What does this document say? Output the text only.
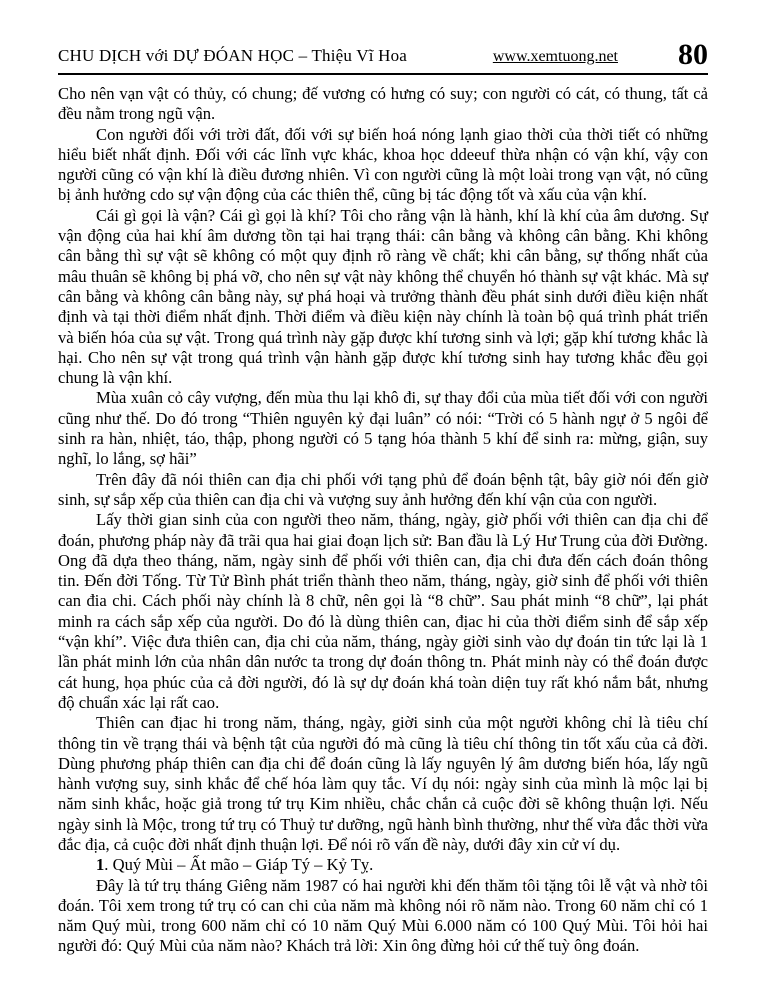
CHU DỊCH với DỰ ĐÓAN HỌC – Thiệu Vĩ Hoa	www.xemtuong.net 80

Cho nên vạn vật có thủy, có chung; đế vương có hưng có suy; con người có cát, có thung, tất cả đều nằm trong ngũ vận.

Con người đối với trời đất, đối với sự biến hoá nóng lạnh giao thời của thời tiết có những hiểu biết nhất định. Đối với các lĩnh vực khác, khoa học ddeeuf thừa nhận có vận khí, vậy con người cũng có vận khí là điều đương nhiên. Vì con người cũng là một loài trong vạn vật, nó cũng bị ảnh hưởng cdo sự vận động của các thiên thể, cũng bị tác động tốt và xấu của vận khí.

Cái gì gọi là vận? Cái gì gọi là khí? Tôi cho rằng vận là hành, khí là khí của âm dương. Sự vận động của hai khí âm dương tồn tại hai trạng thái: cân bằng và không cân bằng. Khi không cân bằng thì sự vật sẽ không có một quy định rõ ràng về chất; khi cân bằng, sự thống nhất của mâu thuân sẽ không bị phá vỡ, cho nên sự vật này không thể chuyển hó thành sự vật khác. Mà sự cân bằng và không cân bằng này, sự phá hoại và trưởng thành đều phát sinh dưới điều kiện nhất định và tại thời điểm nhất định. Thời điểm và điều kiện này chính là toàn bộ quá trình phát triển và biến hóa của sự vật. Trong quá trình này gặp được khí tương sinh và lợi; gặp khí tương khắc là hại. Cho nên sự vật trong quá trình vận hành gặp được khí tương sinh hay tương khắc đều gọi chung là vận khí.

Mùa xuân cỏ cây vượng, đến mùa thu lại khô đi, sự thay đổi của mùa tiết đối với con người cũng như thế. Do đó trong “Thiên nguyên kỷ đại luân” có nói: “Trời có 5 hành ngự ở 5 ngôi để sinh ra hàn, nhiệt, táo, thập, phong người có 5 tạng hóa thành 5 khí để sinh ra: mừng, giận, suy nghĩ, lo lắng, sợ hãi”

Trên đây đã nói thiên can địa chi phối với tạng phủ để đoán bệnh tật, bây giờ nói đến giờ sinh, sự sắp xếp của thiên can địa chi và vượng suy ảnh hưởng đến khí vận của con người.

Lấy thời gian sinh của con người theo năm, tháng, ngày, giờ phối với thiên can địa chi để đoán, phương pháp này đã trãi qua hai giai đoạn lịch sử: Ban đầu là Lý Hư Trung của đời Đường. Ong đã dựa theo tháng, năm, ngày sinh để phối với thiên can, địa chi đưa đến cách đoán thông tin. Đến đời Tống. Từ Tử Bình phát triển thành theo năm, tháng, ngày, giờ sinh để phối với thiên can đia chi. Cách phối này chính là 8 chữ, nên gọi là “8 chữ”. Sau phát minh “8 chữ”, lại phát minh ra cách sắp xếp của người. Do đó là dùng thiên can, địac hi của thời điểm sinh để sắp xếp “vận khí”. Việc đưa thiên can, địa chi của năm, tháng, ngày giời sinh vào dự đoán tin tức lại là 1 lần phát minh lớn của nhân dân nước ta trong dự đoán thông tn. Phát minh này có thể đoán được cát hung, họa phúc của cả đời người, đó là sự dự đoán khá toàn diện tuy rất khó nắm bắt, nhưng độ chuẩn xác lại rất cao.

Thiên can địac hi trong năm, tháng, ngày, giời sinh của một người không chỉ là tiêu chí thông tin về trạng thái và bệnh tật của người đó mà cũng là tiêu chí thông tin tốt xấu của cả đời. Dùng phương pháp thiên can địa chi để đoán cũng là lấy nguyên lý âm dương biến hóa, lấy ngũ hành vượng suy, sinh khắc để chế hóa làm quy tắc. Ví dụ nói: ngày sinh của mình là mộc lại bị năm sinh khắc, hoặc giả trong tứ trụ Kim nhiều, chắc chắn cả cuộc đời sẽ không thuận lợi. Nếu ngày sinh là Mộc, trong tứ trụ có Thuỷ tư dưỡng, ngũ hành bình thường, như thế vừa đắc thời vừa đắc địa, cả cuộc đời nhất định thuận lợi. Để nói rõ vấn đề này, dưới đây xin cử ví dụ.

1. Quý Mùi – Ất mão – Giáp Tý – Kỷ Tỵ.

Đây là tứ trụ tháng Giêng năm 1987 có hai người khi đến thăm tôi tặng tôi lễ vật và nhờ tôi đoán. Tôi xem trong tứ trụ có can chi của năm mà không nói rõ năm nào. Trong 60 năm chỉ có 1 năm Quý mùi, trong 600 năm chỉ có 10 năm Quý Mùi 6.000 năm có 100 Quý Mùi. Tôi hỏi hai người đó: Quý Mùi của năm nào? Khách trả lời: Xin ông đừng hỏi cứ thế tuỳ ông đoán.
